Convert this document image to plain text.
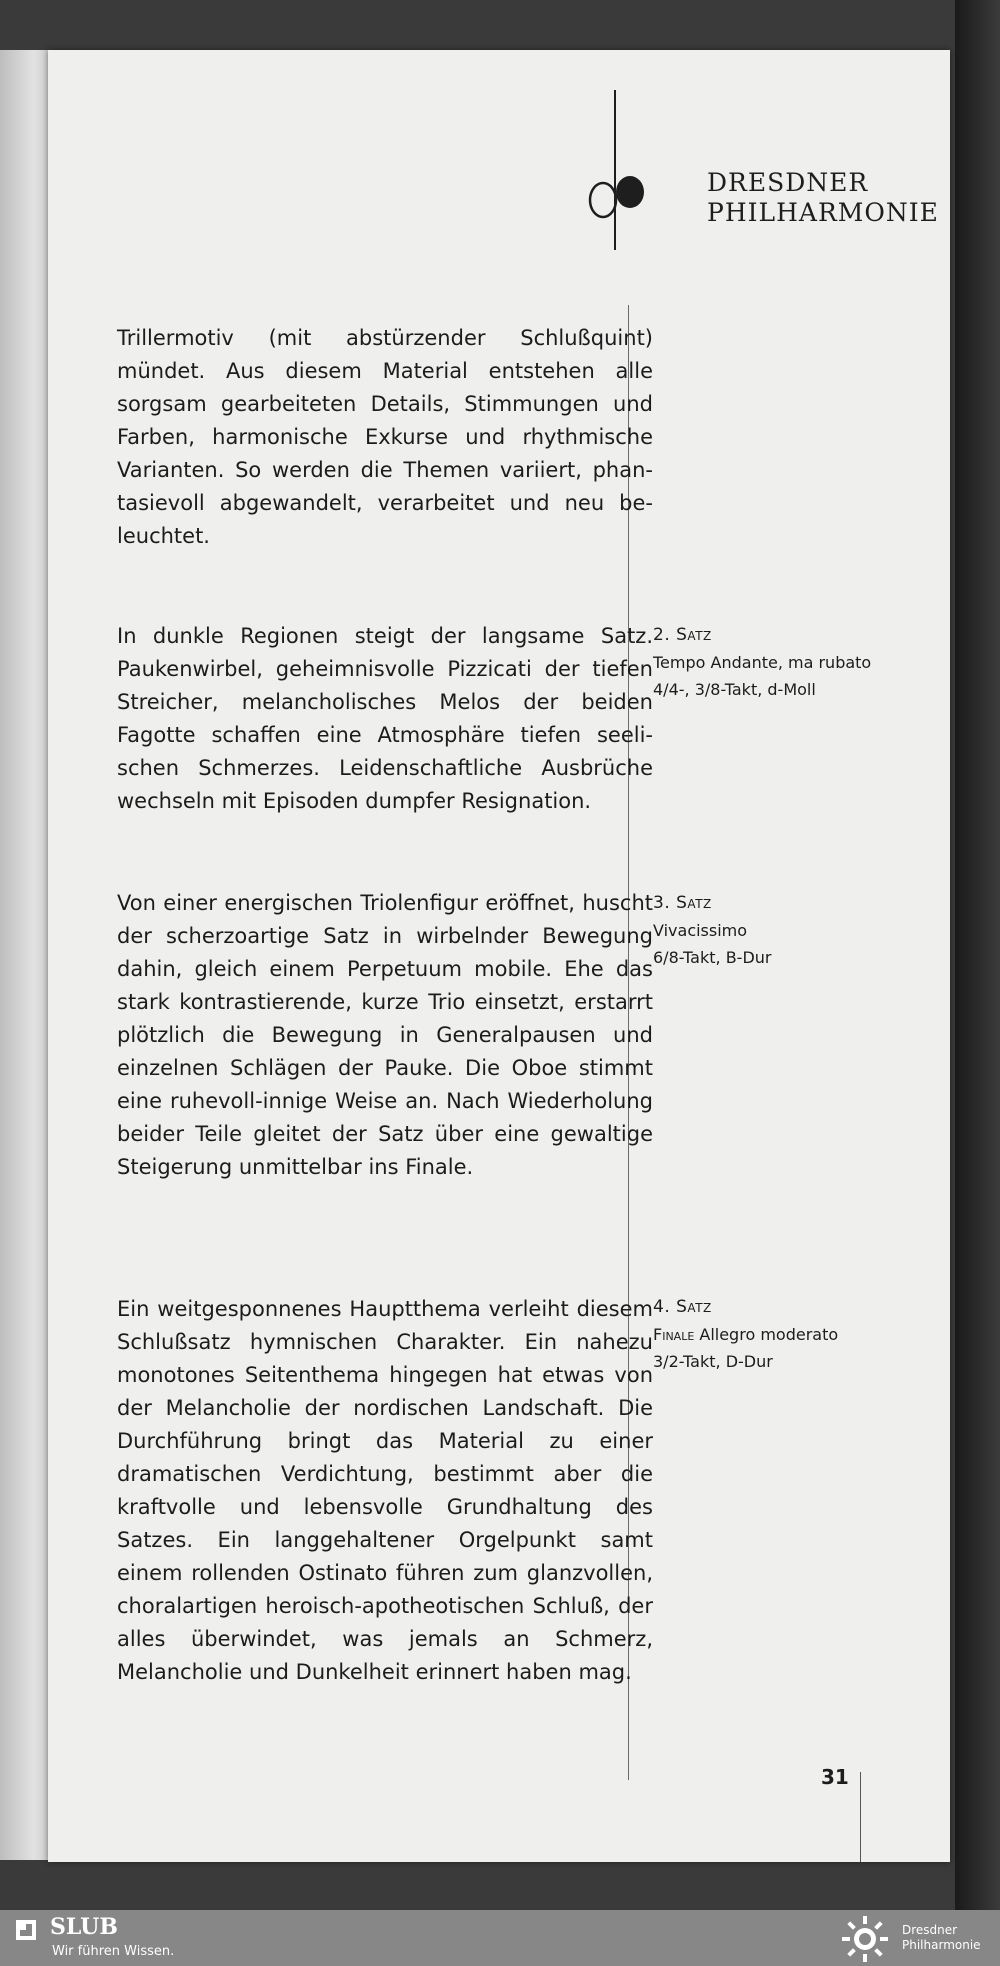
DRESDNER
PHILHARMONIE
Trillermotiv (mit abstürzender Schlußquint) mündet. Aus diesem Material entstehen alle sorgsam gearbeiteten Details, Stimmungen und Farben, harmonische Exkurse und rhythmische Varianten. So werden die Themen variiert, phantasievoll abgewandelt, verarbeitet und neu beleuchtet.
In dunkle Regionen steigt der langsame Satz. Paukenwirbel, geheimnisvolle Pizzicati der tiefen Streicher, melancholisches Melos der beiden Fagotte schaffen eine Atmosphäre tiefen seelischen Schmerzes. Leidenschaftliche Ausbrüche wechseln mit Episoden dumpfer Resignation.
Von einer energischen Triolenfigur eröffnet, huscht der scherzoartige Satz in wirbelnder Bewegung dahin, gleich einem Perpetuum mobile. Ehe das stark kontrastierende, kurze Trio einsetzt, erstarrt plötzlich die Bewegung in Generalpausen und einzelnen Schlägen der Pauke. Die Oboe stimmt eine ruhevoll-innige Weise an. Nach Wiederholung beider Teile gleitet der Satz über eine gewaltige Steigerung unmittelbar ins Finale.
Ein weitgesponnenes Hauptthema verleiht diesem Schlußsatz hymnischen Charakter. Ein nahezu monotones Seitenthema hingegen hat etwas von der Melancholie der nordischen Landschaft. Die Durchführung bringt das Material zu einer dramatischen Verdichtung, bestimmt aber die kraftvolle und lebensvolle Grundhaltung des Satzes. Ein langgehaltener Orgelpunkt samt einem rollenden Ostinato führen zum glanzvollen, choralartigen heroisch-apotheotischen Schluß, der alles überwindet, was jemals an Schmerz, Melancholie und Dunkelheit erinnert haben mag.
2. Satz
Tempo Andante, ma rubato
4/4-, 3/8-Takt, d-Moll
3. Satz
Vivacissimo
6/8-Takt, B-Dur
4. Satz
Finale Allegro moderato
3/2-Takt, D-Dur
31
SLUB
Wir führen Wissen.
Dresdner
Philharmonie
